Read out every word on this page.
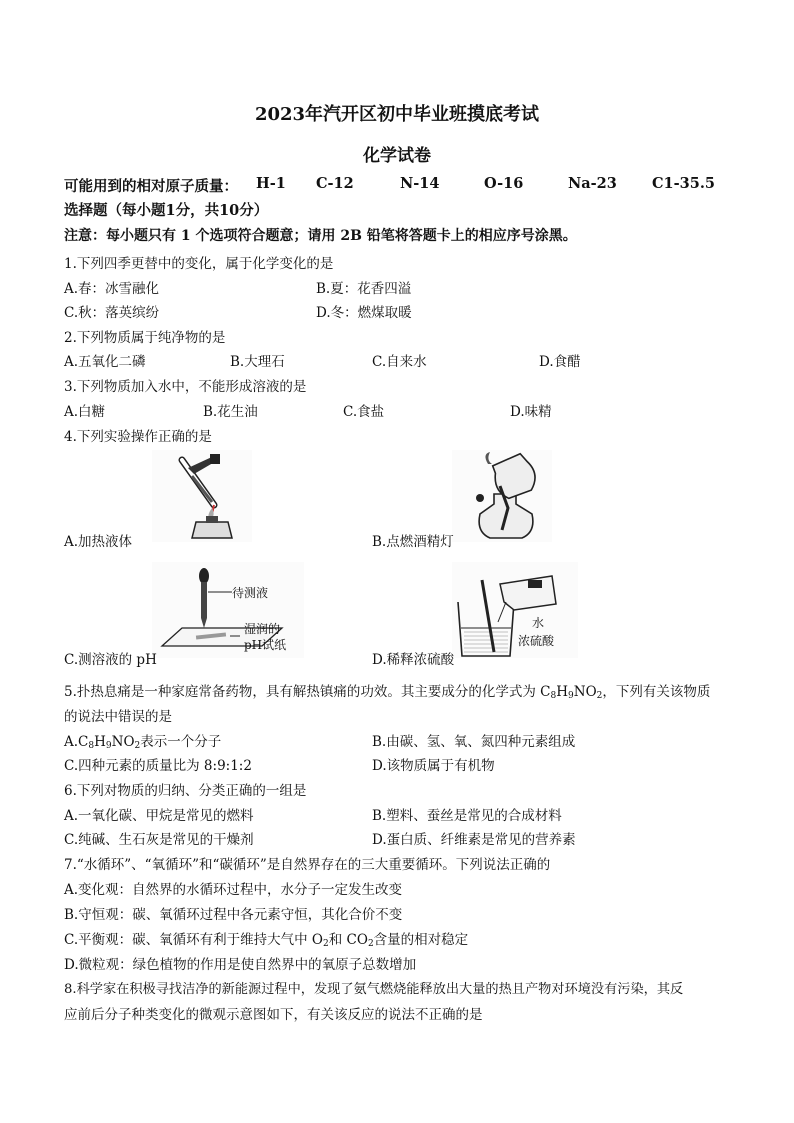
2023年汽开区初中毕业班摸底考试
化学试卷
可能用到的相对原子质量： H-1 C-12	N-14	O-16	Na-23 C1-35.5
选择题（每小题1分，共10分）
注意：每小题只有 1 个选项符合题意；请用 2B 铅笔将答题卡上的相应序号涂黑。
1.下列四季更替中的变化，属于化学变化的是
A.春：冰雪融化	B.夏：花香四溢
C.秋：落英缤纷	D.冬：燃煤取暖
2.下列物质属于纯净物的是
A.五氧化二磷	B.大理石	C.自来水	D.食醋
3.下列物质加入水中，不能形成溶液的是
A.白糖	B.花生油	C.食盐	D.味精
4.下列实验操作正确的是
A.加热液体	B.点燃酒精灯
待测液
湿润的
pH试纸
C.测溶液的 pH
水
浓硫酸
D.稀释浓硫酸
5.扑热息痛是一种家庭常备药物，具有解热镇痛的功效。其主要成分的化学式为 $C_8H_9NO_2$，下列有关该物质
的说法中错误的是
$A.C_8H_9NO_2$表示一个分子	B.由碳、氢、氧、氮四种元素组成
C.四种元素的质量比为 8:9:1:2	D.该物质属于有机物
6.下列对物质的归纳、分类正确的一组是
A.一氧化碳、甲烷是常见的燃料	B.塑料、蚕丝是常见的合成材料
C.纯碱、生石灰是常见的干燥剂	D.蛋白质、纤维素是常见的营养素
7.“水循环”、“氧循环”和“碳循环”是自然界存在的三大重要循环。下列说法正确的
A.变化观：自然界的水循环过程中，水分子一定发生改变
B.守恒观：碳、氧循环过程中各元素守恒，其化合价不变
C.平衡观：碳、氧循环有利于维持大气中 $O_2$和 $CO_2$含量的相对稳定
D.微粒观：绿色植物的作用是使自然界中的氧原子总数增加
8.科学家在积极寻找洁净的新能源过程中，发现了氨气燃烧能释放出大量的热且产物对环境没有污染，其反
应前后分子种类变化的微观示意图如下，有关该反应的说法不正确的是
